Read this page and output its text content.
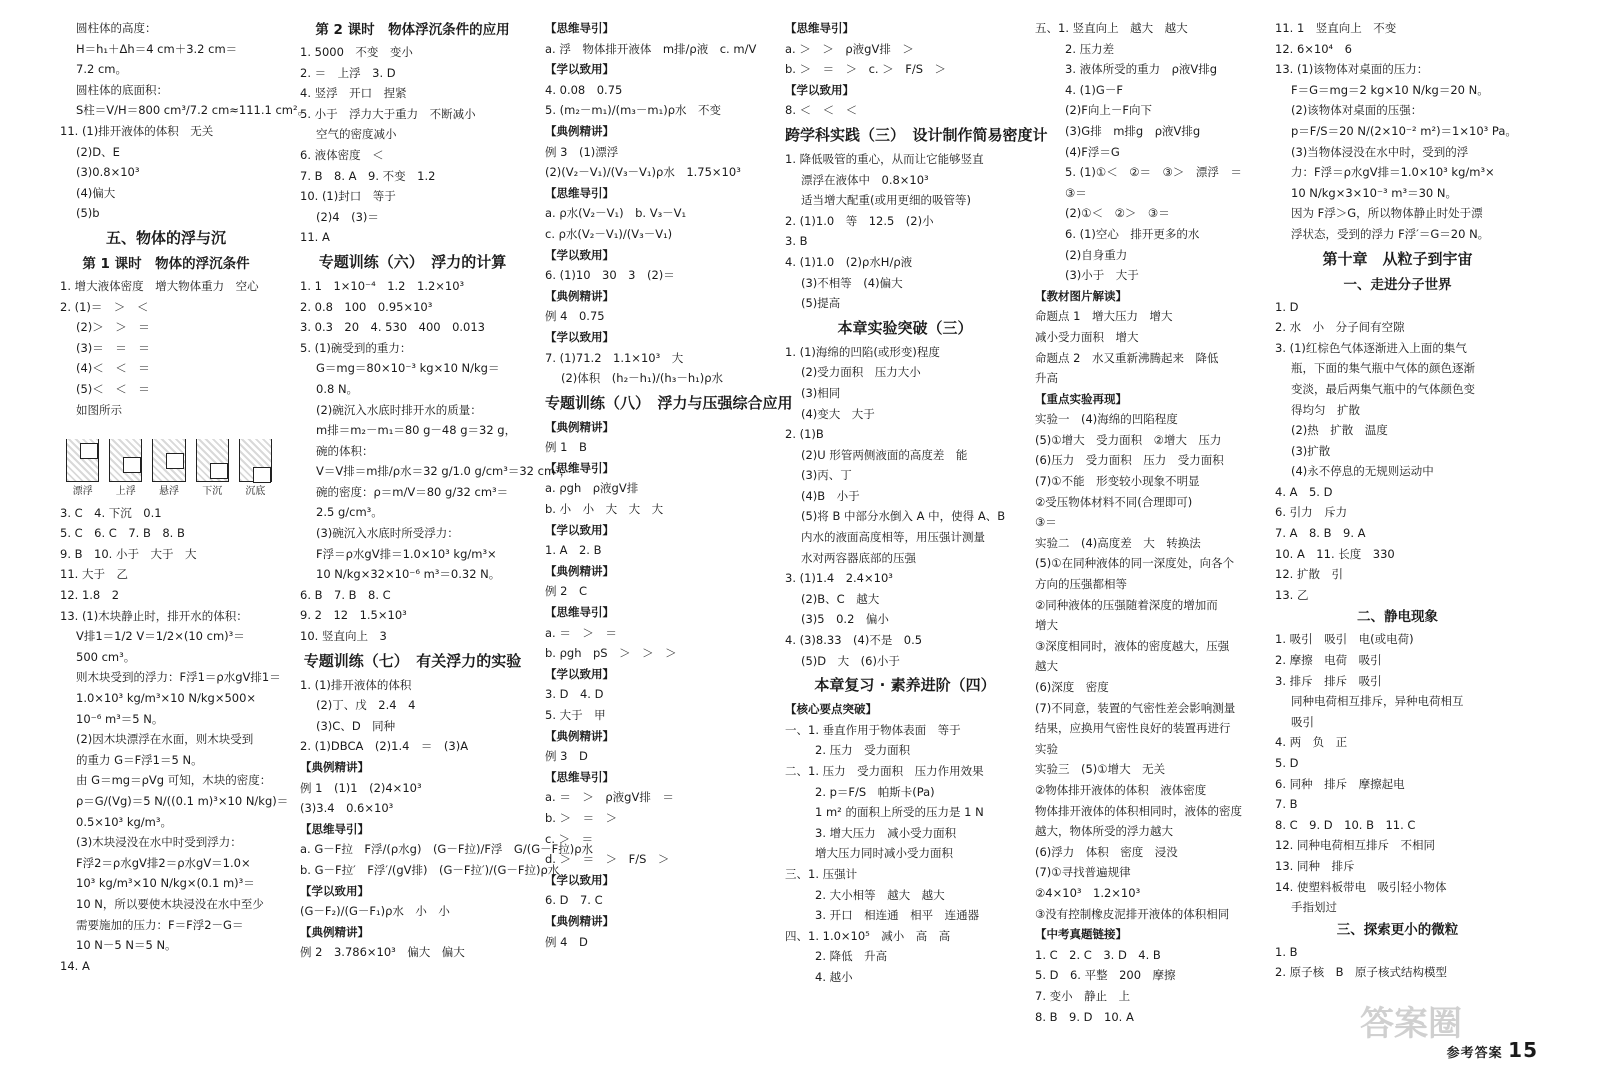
圆柱体的高度：
H＝h₁＋Δh＝4 cm＋3.2 cm＝
7.2 cm。
圆柱体的底面积：
S柱＝V/H＝800 cm³/7.2 cm≈111.1 cm²。
11. (1)排开液体的体积　无关
(2)D、E
(3)0.8×10³
(4)偏大
(5)b
五、物体的浮与沉
第 1 课时　物体的浮沉条件
1. 增大液体密度　增大物体重力　空心
2. (1)＝　＞　＜
(2)＞　＞　＝
(3)＝　＝　＝
(4)＜　＜　＝
(5)＜　＜　＝
如图所示
漂浮	上浮	悬浮	下沉	沉底
3. C　4. 下沉　0.1
5. C　6. C　7. B　8. B
9. B　10. 小于　大于　大
11. 大于　乙
12. 1.8　2
13. (1)木块静止时，排开水的体积：
V排1＝1/2 V＝1/2×(10 cm)³＝
500 cm³。
则木块受到的浮力：F浮1＝ρ水gV排1＝
1.0×10³ kg/m³×10 N/kg×500×
10⁻⁶ m³＝5 N。
(2)因木块漂浮在水面，则木块受到
的重力 G＝F浮1＝5 N。
由 G＝mg＝ρVg 可知，木块的密度：
ρ＝G/(Vg)＝5 N/((0.1 m)³×10 N/kg)＝
0.5×10³ kg/m³。
(3)木块浸没在水中时受到浮力：
F浮2＝ρ水gV排2＝ρ水gV＝1.0×
10³ kg/m³×10 N/kg×(0.1 m)³＝
10 N，所以要使木块浸没在水中至少
需要施加的压力：F＝F浮2－G＝
10 N－5 N＝5 N。
14. A
第 2 课时　物体浮沉条件的应用
1. 5000　不变　变小
2. ＝　上浮　3. D
4. 竖浮　开口　捏紧
5. 小于　浮力大于重力　不断减小
空气的密度减小
6. 液体密度　＜
7. B　8. A　9. 不变　1.2
10. (1)封口　等于
(2)4　(3)＝
11. A
专题训练（六）　浮力的计算
1. 1　1×10⁻⁴　1.2　1.2×10³
2. 0.8　100　0.95×10³
3. 0.3　20　4. 530　400　0.013
5. (1)碗受到的重力：
G＝mg＝80×10⁻³ kg×10 N/kg＝
0.8 N。
(2)碗沉入水底时排开水的质量：
m排＝m₂－m₁＝80 g－48 g＝32 g，
碗的体积：
V＝V排＝m排/ρ水＝32 g/1.0 g/cm³＝32 cm³，
碗的密度：ρ＝m/V＝80 g/32 cm³＝
2.5 g/cm³。
(3)碗沉入水底时所受浮力：
F浮＝ρ水gV排＝1.0×10³ kg/m³×
10 N/kg×32×10⁻⁶ m³＝0.32 N。
6. B　7. B　8. C
9. 2　12　1.5×10³
10. 竖直向上　3
专题训练（七）　有关浮力的实验
1. (1)排开液体的体积
(2)丁、戊　2.4　4
(3)C、D　同种
2. (1)DBCA　(2)1.4　＝　(3)A
【典例精讲】
例 1　(1)1　(2)4×10³
(3)3.4　0.6×10³
【思维导引】
a. G－F拉　F浮/(ρ水g)　(G－F拉)/F浮　G/(G－F拉)ρ水
b. G－F拉′　F浮′/(gV排)　(G－F拉′)/(G－F拉)ρ水
【学以致用】
(G－F₂)/(G－F₁)ρ水　小　小
【典例精讲】
例 2　3.786×10³　偏大　偏大
【思维导引】
a. 浮　物体排开液体　m排/ρ液　c. m/V
【学以致用】
4. 0.08　0.75
5. (m₂－m₁)/(m₃－m₁)ρ水　不变
【典例精讲】
例 3　(1)漂浮
(2)(V₂－V₁)/(V₃－V₁)ρ水　1.75×10³
【思维导引】
a. ρ水(V₂－V₁)　b. V₃－V₁
c. ρ水(V₂－V₁)/(V₃－V₁)
【学以致用】
6. (1)10　30　3　(2)＝
【典例精讲】
例 4　0.75
【学以致用】
7. (1)71.2　1.1×10³　大
(2)体积　(h₂－h₁)/(h₃－h₁)ρ水
专题训练（八）　浮力与压强综合应用
【典例精讲】
例 1　B
【思维导引】
a. ρgh　ρ液gV排
b. 小　小　大　大　大
【学以致用】
1. A　2. B
【典例精讲】
例 2　C
【思维导引】
a. ＝　＞　＝
b. ρgh　pS　＞　＞　＞
【学以致用】
3. D　4. D
5. 大于　甲
【典例精讲】
例 3　D
【思维导引】
a. ＝　＞　ρ液gV排　＝
b. ＞　＝　＞
c. ＞　＝
d. ＞　＝　＞　F/S　＞
【学以致用】
6. D　7. C
【典例精讲】
例 4　D
【思维导引】
a. ＞　＞　ρ液gV排　＞
b. ＞　＝　＞　c. ＞　F/S　＞
【学以致用】
8. ＜　＜　＜
跨学科实践（三）　设计制作简易密度计
1. 降低吸管的重心，从而让它能够竖直
漂浮在液体中　0.8×10³
适当增大配重(或用更细的吸管等)
2. (1)1.0　等　12.5　(2)小
3. B
4. (1)1.0　(2)ρ水H/ρ液
(3)不相等　(4)偏大
(5)提高
本章实验突破（三）
1. (1)海绵的凹陷(或形变)程度
(2)受力面积　压力大小
(3)相同
(4)变大　大于
2. (1)B
(2)U 形管两侧液面的高度差　能
(3)丙、丁
(4)B　小于
(5)将 B 中部分水倒入 A 中，使得 A、B
内水的液面高度相等，用压强计测量
水对两容器底部的压强
3. (1)1.4　2.4×10³
(2)B、C　越大
(3)5　0.2　偏小
4. (3)8.33　(4)不是　0.5
(5)D　大　(6)小于
本章复习 · 素养进阶（四）
【核心要点突破】
一、1. 垂直作用于物体表面　等于
2. 压力　受力面积
二、1. 压力　受力面积　压力作用效果
2. p＝F/S　帕斯卡(Pa)
1 m² 的面积上所受的压力是 1 N
3. 增大压力　减小受力面积
增大压力同时减小受力面积
三、1. 压强计
2. 大小相等　越大　越大
3. 开口　相连通　相平　连通器
四、1. 1.0×10⁵　减小　高　高
2. 降低　升高
4. 越小
五、1. 竖直向上　越大　越大
2. 压力差
3. 液体所受的重力　ρ液V排g
4. (1)G－F
(2)F向上－F向下
(3)G排　m排g　ρ液V排g
(4)F浮＝G
5. (1)①＜　②＝　③＞　漂浮　＝
③＝
(2)①＜　②＞　③＝
6. (1)空心　排开更多的水
(2)自身重力
(3)小于　大于
【教材图片解读】
命题点 1　增大压力　增大
减小受力面积　增大
命题点 2　水又重新沸腾起来　降低
升高
【重点实验再现】
实验一　(4)海绵的凹陷程度
(5)①增大　受力面积　②增大　压力
(6)压力　受力面积　压力　受力面积
(7)①不能　形变较小现象不明显
②受压物体材料不同(合理即可)
③＝
实验二　(4)高度差　大　转换法
(5)①在同种液体的同一深度处，向各个
方向的压强都相等
②同种液体的压强随着深度的增加而
增大
③深度相同时，液体的密度越大，压强
越大
(6)深度　密度
(7)不同意，装置的气密性差会影响测量
结果，应换用气密性良好的装置再进行
实验
实验三　(5)①增大　无关
②物体排开液体的体积　液体密度
物体排开液体的体积相同时，液体的密度
越大，物体所受的浮力越大
(6)浮力　体积　密度　浸没
(7)①寻找普遍规律
②4×10³　1.2×10³
③没有控制橡皮泥排开液体的体积相同
【中考真题链接】
1. C　2. C　3. D　4. B
5. D　6. 平整　200　摩擦
7. 变小　静止　上
8. B　9. D　10. A
11. 1　竖直向上　不变
12. 6×10⁴　6
13. (1)该物体对桌面的压力：
F＝G＝mg＝2 kg×10 N/kg＝20 N。
(2)该物体对桌面的压强：
p＝F/S＝20 N/(2×10⁻² m²)＝1×10³ Pa。
(3)当物体浸没在水中时，受到的浮
力：F浮＝ρ水gV排＝1.0×10³ kg/m³×
10 N/kg×3×10⁻³ m³＝30 N。
因为 F浮＞G，所以物体静止时处于漂
浮状态，受到的浮力 F浮′＝G＝20 N。
第十章　从粒子到宇宙
一、走进分子世界
1. D
2. 水　小　分子间有空隙
3. (1)红棕色气体逐渐进入上面的集气
瓶，下面的集气瓶中气体的颜色逐渐
变淡，最后两集气瓶中的气体颜色变
得均匀　扩散
(2)热　扩散　温度
(3)扩散
(4)永不停息的无规则运动中
4. A　5. D
6. 引力　斥力
7. A　8. B　9. A
10. A　11. 长度　330
12. 扩散　引
13. 乙
二、静电现象
1. 吸引　吸引　电(或电荷)
2. 摩擦　电荷　吸引
3. 排斥　排斥　吸引
同种电荷相互排斥，异种电荷相互
吸引
4. 两　负　正
5. D
6. 同种　排斥　摩擦起电
7. B
8. C　9. D　10. B　11. C
12. 同种电荷相互排斥　不相同
13. 同种　排斥
14. 使塑料板带电　吸引轻小物体
手指划过
三、探索更小的微粒
1. B
2. 原子核　B　原子核式结构模型
答案圈
参考答案 15
